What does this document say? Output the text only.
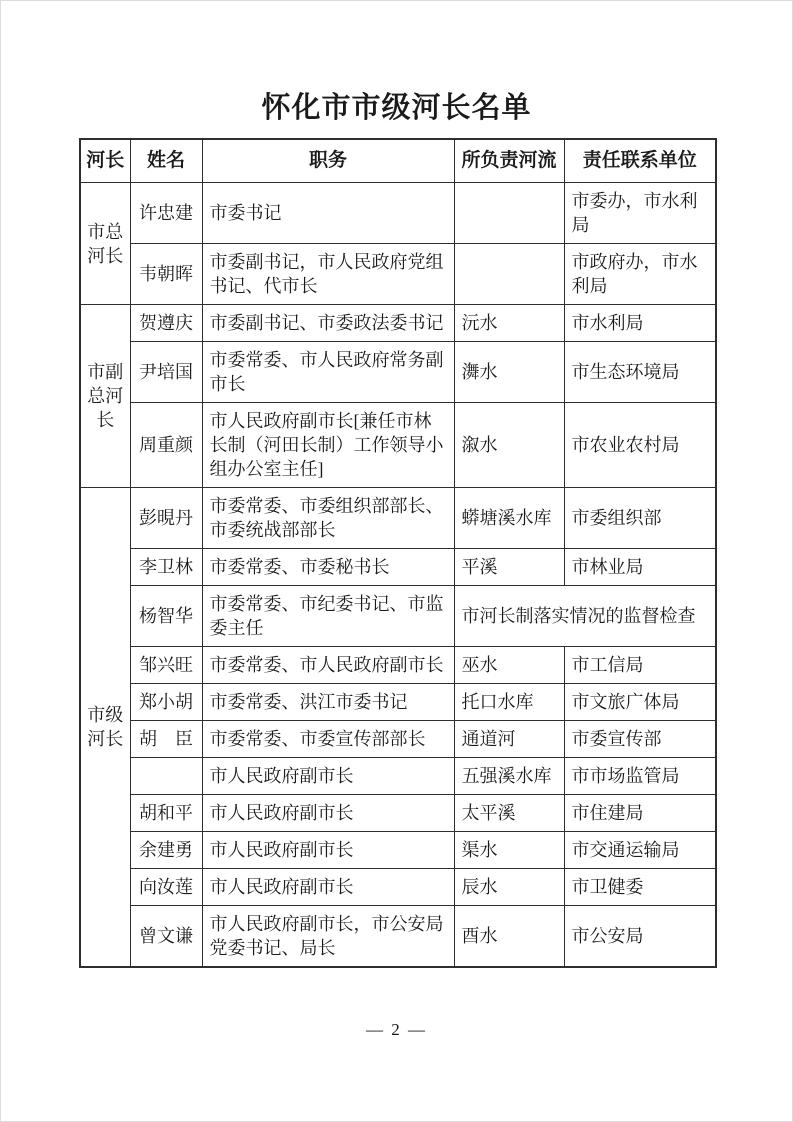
怀化市市级河长名单
河长	姓名	职务	所负责河流	责任联系单位
市总河长	许忠建	市委书记		市委办，市水利局
	韦朝晖	市委副书记，市人民政府党组书记、代市长		市政府办，市水利局
市副总河长	贺遵庆	市委副书记、市委政法委书记	沅水	市水利局
	尹培国	市委常委、市人民政府常务副市长	㵲水	市生态环境局
	周重颜	市人民政府副市长[兼任市林长制（河田长制）工作领导小组办公室主任]	溆水	市农业农村局
市级河长	彭晛丹	市委常委、市委组织部部长、市委统战部部长	蟒塘溪水库	市委组织部
	李卫林	市委常委、市委秘书长	平溪	市林业局
	杨智华	市委常委、市纪委书记、市监委主任	市河长制落实情况的监督检查	
	邹兴旺	市委常委、市人民政府副市长	巫水	市工信局
	郑小胡	市委常委、洪江市委书记	托口水库	市文旅广体局
	胡　臣	市委常委、市委宣传部部长	通道河	市委宣传部
		市人民政府副市长	五强溪水库	市市场监管局
	胡和平	市人民政府副市长	太平溪	市住建局
	余建勇	市人民政府副市长	渠水	市交通运输局
	向汝莲	市人民政府副市长	辰水	市卫健委
	曾文谦	市人民政府副市长，市公安局党委书记、局长	酉水	市公安局
— 2 —
